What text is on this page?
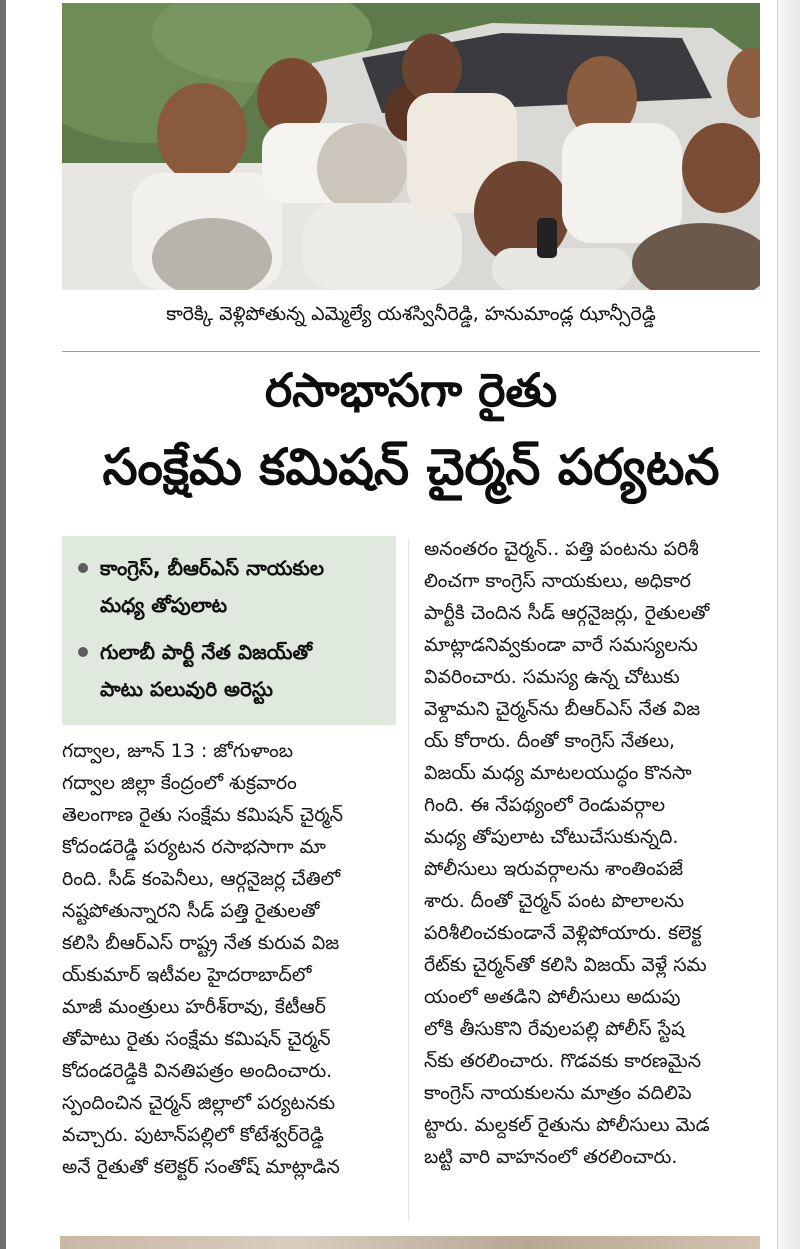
కారెక్కి వెళ్లిపోతున్న ఎమ్మెల్యే యశస్వినీరెడ్డి, హనుమాండ్ల ఝాన్సీరెడ్డి
రసాభాసగా రైతు
సంక్షేమ కమిషన్ చైర్మన్ పర్యటన
కాంగ్రెస్, బీఆర్ఎస్ నాయకుల
మధ్య తోపులాట
గులాబీ పార్టీ నేత విజయ్‌తో
పాటు పలువురి అరెస్టు
గద్వాల, జూన్ 13 : జోగుళాంబ
గద్వాల జిల్లా కేంద్రంలో శుక్రవారం
తెలంగాణ రైతు సంక్షేమ కమిషన్ చైర్మన్
కోదండరెడ్డి పర్యటన రసాభసాగా మా
రింది. సీడ్ కంపెనీలు, ఆర్గనైజర్ల చేతిలో
నష్టపోతున్నారని సీడ్ పత్తి రైతులతో
కలిసి బీఆర్ఎస్ రాష్ట్ర నేత కురువ విజ
య్‌కుమార్ ఇటీవల హైదరాబాద్‌లో
మాజీ మంత్రులు హరీశ్‌రావు, కేటీఆర్
తోపాటు రైతు సంక్షేమ కమిషన్ చైర్మన్
కోదండరెడ్డికి వినతిపత్రం అందించారు.
స్పందించిన చైర్మన్ జిల్లాలో పర్యటనకు
వచ్చారు. పుటాన్‌పల్లిలో కోటేశ్వర్‌రెడ్డి
అనే రైతుతో కలెక్టర్ సంతోష్ మాట్లాడిన
అనంతరం చైర్మన్.. పత్తి పంటను పరిశీ
లించగా కాంగ్రెస్ నాయకులు, అధికార
పార్టీకి చెందిన సీడ్ ఆర్గనైజర్లు, రైతులతో
మాట్లాడనివ్వకుండా వారే సమస్యలను
వివరించారు. సమస్య ఉన్న చోటుకు
వెళ్దామని చైర్మన్‌ను బీఆర్ఎస్ నేత విజ
య్ కోరారు. దీంతో కాంగ్రెస్ నేతలు,
విజయ్ మధ్య మాటలయుద్ధం కొనసా
గింది. ఈ నేపథ్యంలో రెండువర్గాల
మధ్య తోపులాట చోటుచేసుకున్నది.
పోలీసులు ఇరువర్గాలను శాంతింపజే
శారు. దీంతో చైర్మన్ పంట పొలాలను
పరిశీలించకుండానే వెళ్లిపోయారు. కలెక్ట
రేట్‌కు చైర్మన్‌తో కలిసి విజయ్ వెళ్లే సమ
యంలో అతడిని పోలీసులు అదుపు
లోకి తీసుకొని రేవులపల్లి పోలీస్ స్టేష
న్‌కు తరలించారు. గొడవకు కారణమైన
కాంగ్రెస్ నాయకులను మాత్రం వదిలిపె
ట్టారు. మల్దకల్ రైతును పోలీసులు మెడ
బట్టి వారి వాహనంలో తరలించారు.
